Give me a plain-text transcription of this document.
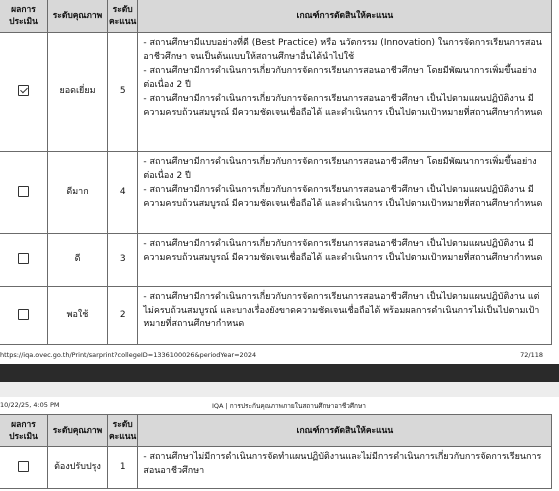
ผลการประเมิน	ระดับคุณภาพ	ระดับคะแนน	เกณฑ์การตัดสินให้คะแนน
	ยอดเยี่ยม	5	- สถานศึกษามีแบบอย่างที่ดี (Best Practice) หรือ นวัตกรรม (Innovation) ในการจัดการเรียนการสอนอาชีวศึกษา จนเป็นต้นแบบให้สถานศึกษาอื่นได้นำไปใช้

- สถานศึกษามีการดำเนินการเกี่ยวกับการจัดการเรียนการสอนอาชีวศึกษา โดยมีพัฒนาการเพิ่มขึ้นอย่างต่อเนื่อง 2 ปี

- สถานศึกษามีการดำเนินการเกี่ยวกับการจัดการเรียนการสอนอาชีวศึกษา เป็นไปตามแผนปฏิบัติงาน มีความครบถ้วนสมบูรณ์ มีความชัดเจนเชื่อถือได้ และดำเนินการ เป็นไปตามเป้าหมายที่สถานศึกษากำหนด

	ดีมาก	4	- สถานศึกษามีการดำเนินการเกี่ยวกับการจัดการเรียนการสอนอาชีวศึกษา โดยมีพัฒนาการเพิ่มขึ้นอย่างต่อเนื่อง 2 ปี

- สถานศึกษามีการดำเนินการเกี่ยวกับการจัดการเรียนการสอนอาชีวศึกษา เป็นไปตามแผนปฏิบัติงาน มีความครบถ้วนสมบูรณ์ มีความชัดเจนเชื่อถือได้ และดำเนินการ เป็นไปตามเป้าหมายที่สถานศึกษากำหนด

	ดี	3	- สถานศึกษามีการดำเนินการเกี่ยวกับการจัดการเรียนการสอนอาชีวศึกษา เป็นไปตามแผนปฏิบัติงาน มีความครบถ้วนสมบูรณ์ มีความชัดเจนเชื่อถือได้ และดำเนินการ เป็นไปตามเป้าหมายที่สถานศึกษากำหนด

	พอใช้	2	- สถานศึกษามีการดำเนินการเกี่ยวกับการจัดการเรียนการสอนอาชีวศึกษา เป็นไปตามแผนปฏิบัติงาน แต่ไม่ครบถ้วนสมบูรณ์ และบางเรื่องยังขาดความชัดเจนเชื่อถือได้ พร้อมผลการดำเนินการไม่เป็นไปตามเป้าหมายที่สถานศึกษากำหนด

https://iqa.ovec.go.th/Print/sarprint?collegeID=1336100026&periodYear=2024	72/118
10/22/25, 4:05 PM	IQA | การประกันคุณภาพภายในสถานศึกษาอาชีวศึกษา
ผลการประเมิน	ระดับคุณภาพ	ระดับคะแนน	เกณฑ์การตัดสินให้คะแนน
	ต้องปรับปรุง	1	- สถานศึกษาไม่มีการดำเนินการจัดทำแผนปฏิบัติงานและไม่มีการดำเนินการเกี่ยวกับการจัดการเรียนการสอนอาชีวศึกษา
